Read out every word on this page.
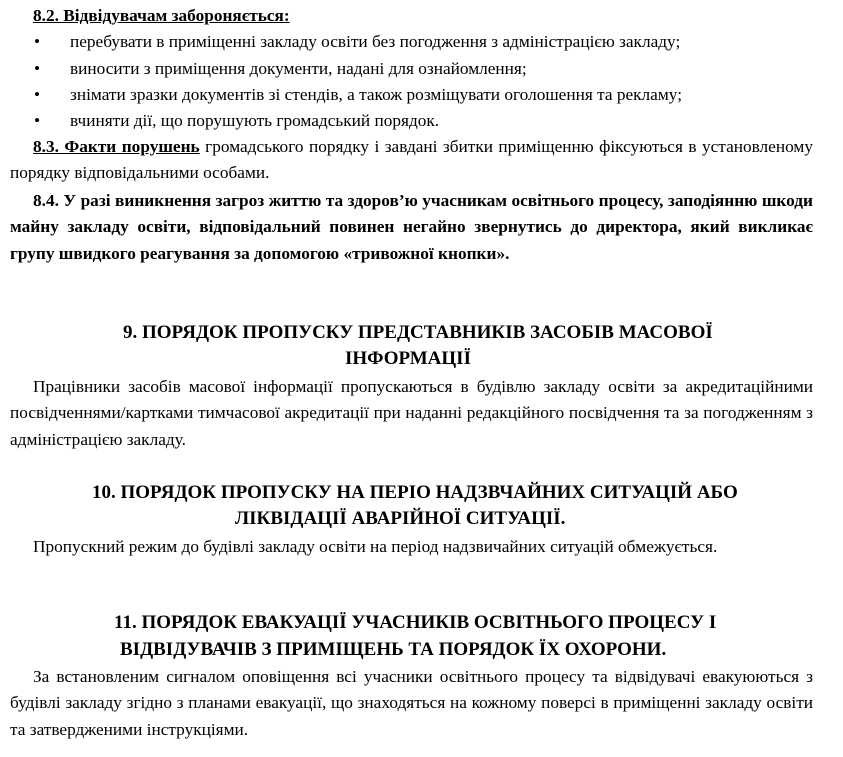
8.2. Відвідувачам забороняється:
• перебувати в приміщенні закладу освіти без погодження з адміністрацією закладу;
• виносити з приміщення документи, надані для ознайомлення;
• знімати зразки документів зі стендів, а також розміщувати оголошення та рекламу;
• вчиняти дії, що порушують громадський порядок.
8.3. Факти порушень громадського порядку і завдані збитки приміщенню фіксуються в установленому порядку відповідальними особами.
8.4. У разі виникнення загроз життю та здоров’ю учасникам освітнього процесу, заподіянню шкоди майну закладу освіти, відповідальний повинен негайно звернутись до директора, який викликає групу швидкого реагування за допомогою «тривожної кнопки».
9. ПОРЯДОК ПРОПУСКУ ПРЕДСТАВНИКІВ ЗАСОБІВ МАСОВОЇ
ІНФОРМАЦІЇ
Працівники засобів масової інформації пропускаються в будівлю закладу освіти за акредитаційними посвідченнями/картками тимчасової акредитації при наданні редакційного посвідчення та за погодженням з адміністрацією закладу.
10. ПОРЯДОК ПРОПУСКУ НА ПЕРІО НАДЗВЧАЙНИХ СИТУАЦІЙ АБО
ЛІКВІДАЦІЇ АВАРІЙНОЇ СИТУАЦІЇ.
Пропускний режим до будівлі закладу освіти на період надзвичайних ситуацій обмежується.
11. ПОРЯДОК ЕВАКУАЦІЇ УЧАСНИКІВ ОСВІТНЬОГО ПРОЦЕСУ І
ВІДВІДУВАЧІВ З ПРИМІЩЕНЬ ТА ПОРЯДОК ЇХ ОХОРОНИ.
За встановленим сигналом оповіщення всі учасники освітнього процесу та відвідувачі евакуюються з будівлі закладу згідно з планами евакуації, що знаходяться на кожному поверсі в приміщенні закладу освіти та затвердженими інструкціями.
